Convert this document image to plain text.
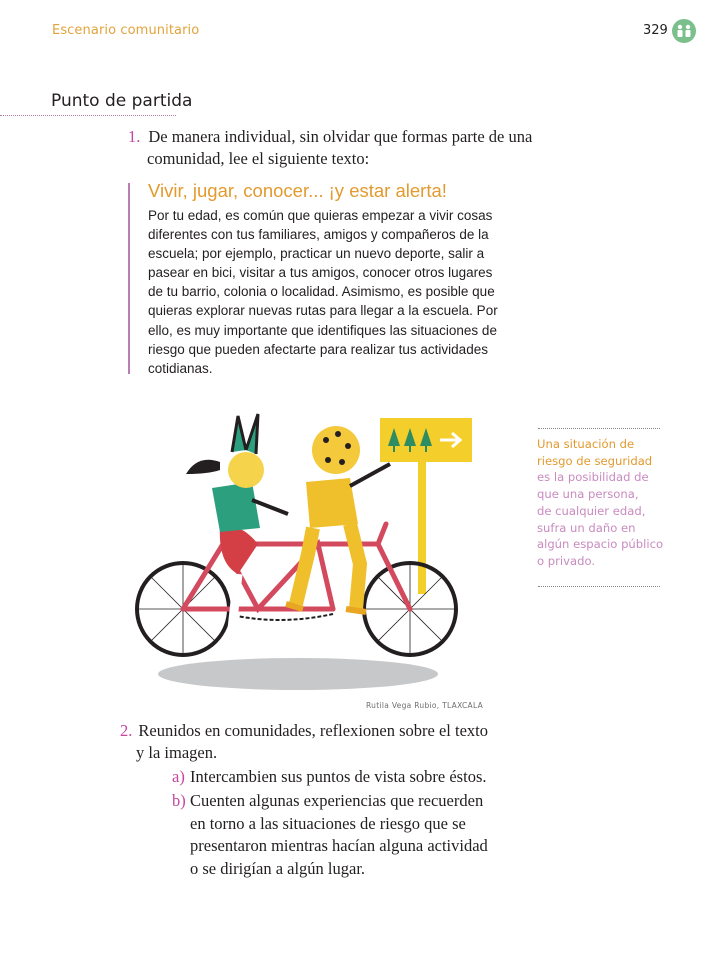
Escenario comunitario	329
Punto de partida
1. De manera individual, sin olvidar que formas parte de una
comunidad, lee el siguiente texto:
Vivir, jugar, conocer... ¡y estar alerta!
Por tu edad, es común que quieras empezar a vivir cosas
diferentes con tus familiares, amigos y compañeros de la
escuela; por ejemplo, practicar un nuevo deporte, salir a
pasear en bici, visitar a tus amigos, conocer otros lugares
de tu barrio, colonia o localidad. Asimismo, es posible que
quieras explorar nuevas rutas para llegar a la escuela. Por
ello, es muy importante que identifiques las situaciones de
riesgo que pueden afectarte para realizar tus actividades
cotidianas.
Rutila Vega Rubio, TLAXCALA
Una situación de
riesgo de seguridad
es la posibilidad de
que una persona,
de cualquier edad,
sufra un daño en
algún espacio público
o privado.
2. Reunidos en comunidades, reflexionen sobre el texto
y la imagen.
a) Intercambien sus puntos de vista sobre éstos.
b) Cuenten algunas experiencias que recuerden
en torno a las situaciones de riesgo que se
presentaron mientras hacían alguna actividad
o se dirigían a algún lugar.
